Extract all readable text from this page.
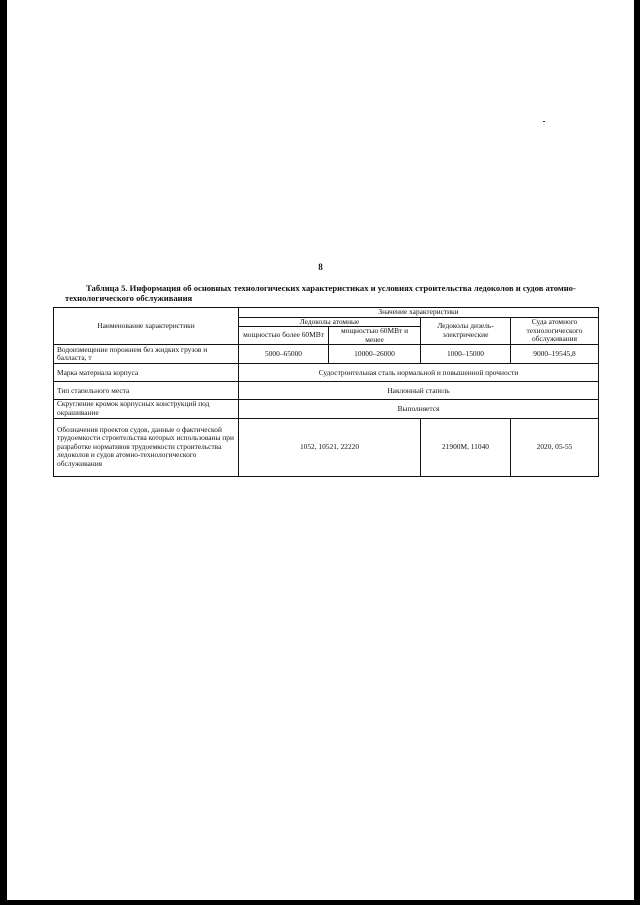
8
Таблица 5. Информация об основных технологических характеристиках и условиях строительства ледоколов и судов атомно-технологического обслуживания
Наименование характеристики	Значение характеристики			
	Ледоколы атомные		Ледоколы дизель-электрические	Суда атомного технологического обслуживания
	мощностью более 60МВт	мощностью 60МВт и менее		
Водоизмещение порожнем без жидких грузов и балласта, т	5000–65000	10000–26000	1000–15000	9000–19545,8
Марка материала корпуса	Судостроительная сталь нормальной и повышенной прочности			
Тип стапельного места	Наклонный стапель			
Скругление кромок корпусных конструкций под окрашивание	Выполняется			
Обозначения проектов судов, данные о фактической трудоемкости строительства которых использованы при разработке нормативов трудоемкости строительства ледоколов и судов атомно-технологического обслуживания	1052, 10521, 22220		21900М, 11040	2020, 05-55
